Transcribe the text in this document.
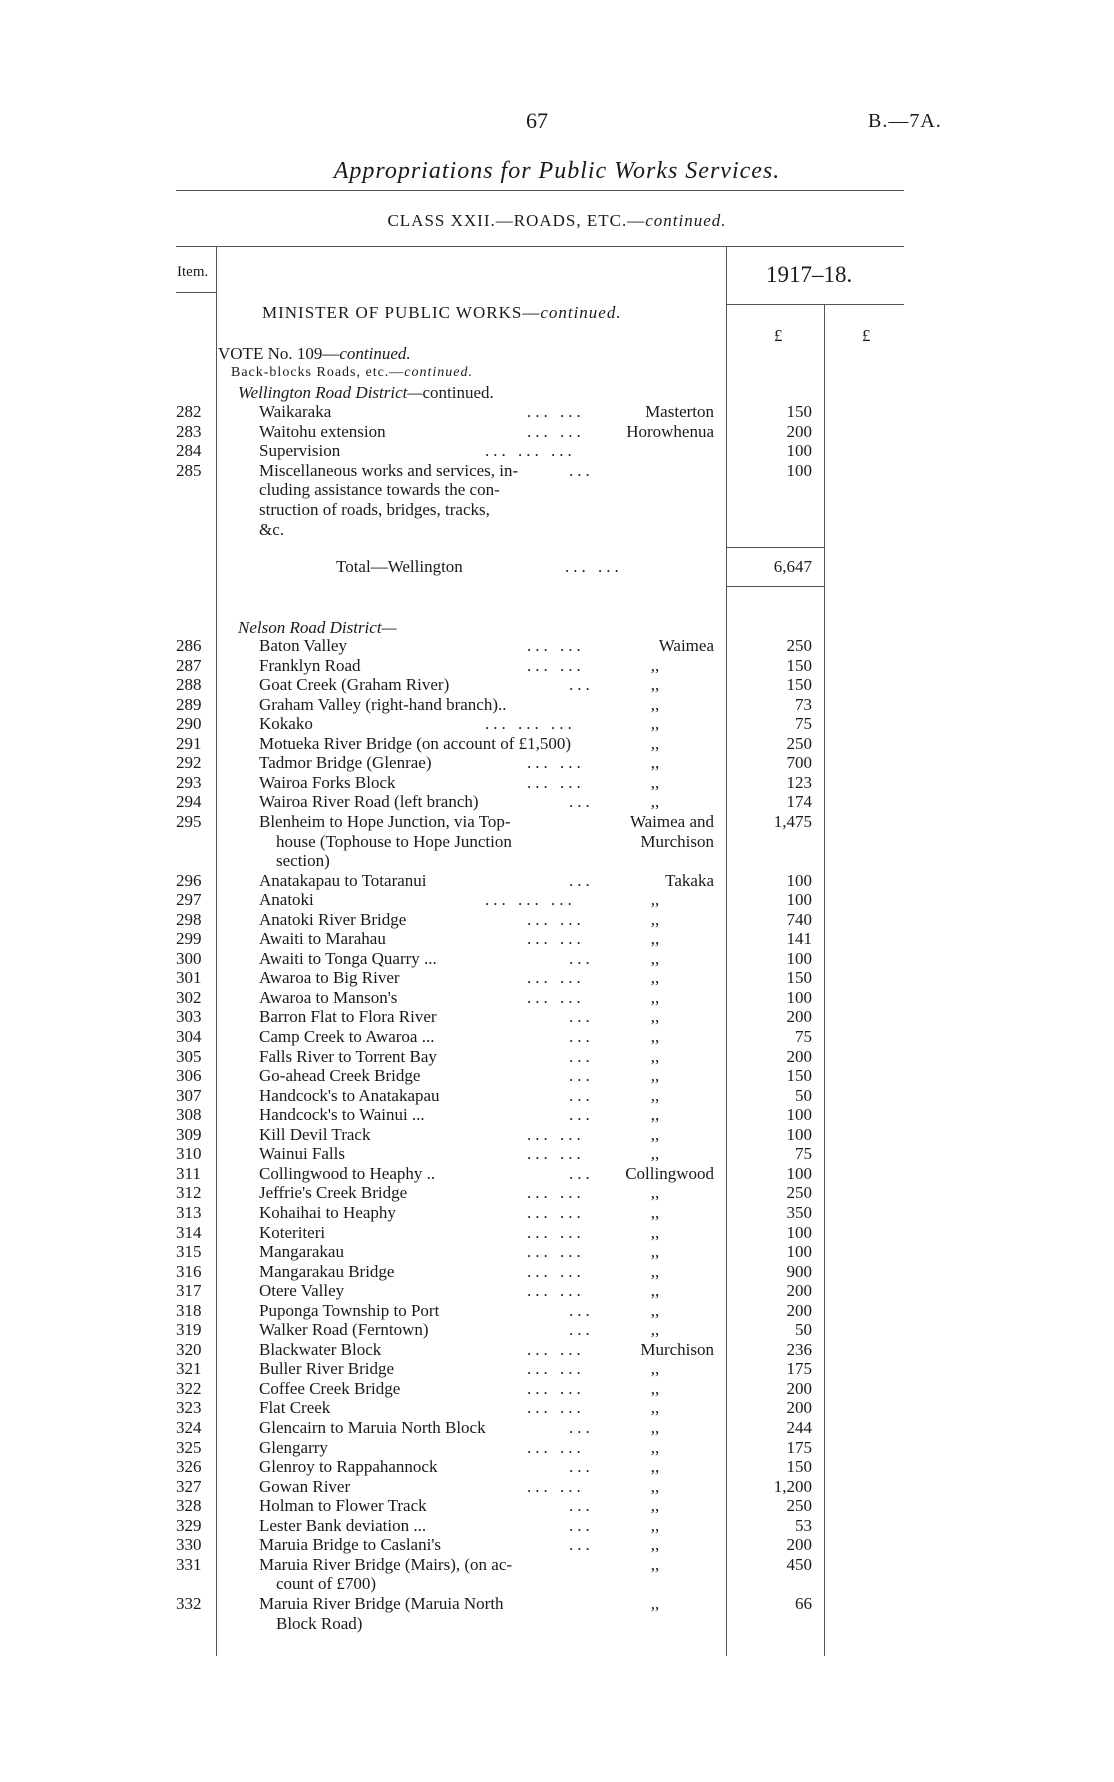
67	B.—7A.
Appropriations for Public Works Services.
CLASS XXII.—ROADS, ETC.—continued.
Item.	1917–18.
£	£
MINISTER OF PUBLIC WORKS—continued.
VOTE No. 109—continued.
Back-blocks Roads, etc.—continued.
Wellington Road District—continued.
282	Waikaraka	... ...	Masterton	150
283	Waitohu extension	... ...	Horowhenua	200
284	Supervision	... ... ...	100
285	Miscellaneous works and services, in-	...	100
cluding assistance towards the con-
struction of roads, bridges, tracks,
&c.
Total—Wellington	... ...	6,647
Nelson Road District—
286	Baton Valley	... ...	Waimea	250
287	Franklyn Road	... ...	,,	150
288	Goat Creek (Graham River)	...	,,	150
289	Graham Valley (right-hand branch)..	,,	73
290	Kokako	... ... ...	,,	75
291	Motueka River Bridge (on account of £1,500)	,,	250
292	Tadmor Bridge (Glenrae)	... ...	,,	700
293	Wairoa Forks Block	... ...	,,	123
294	Wairoa River Road (left branch)	...	,,	174
295	Blenheim to Hope Junction, via Top-	Waimea and	1,475
house (Tophouse to Hope Junction	Murchison
section)
296	Anatakapau to Totaranui	...	Takaka	100
297	Anatoki	... ... ...	,,	100
298	Anatoki River Bridge	... ...	,,	740
299	Awaiti to Marahau	... ...	,,	141
300	Awaiti to Tonga Quarry ...	...	,,	100
301	Awaroa to Big River	... ...	,,	150
302	Awaroa to Manson's	... ...	,,	100
303	Barron Flat to Flora River	...	,,	200
304	Camp Creek to Awaroa ...	...	,,	75
305	Falls River to Torrent Bay	...	,,	200
306	Go-ahead Creek Bridge	...	,,	150
307	Handcock's to Anatakapau	...	,,	50
308	Handcock's to Wainui ...	...	,,	100
309	Kill Devil Track	... ...	,,	100
310	Wainui Falls	... ...	,,	75
311	Collingwood to Heaphy ..	...	Collingwood	100
312	Jeffrie's Creek Bridge	... ...	,,	250
313	Kohaihai to Heaphy	... ...	,,	350
314	Koteriteri	... ...	,,	100
315	Mangarakau	... ...	,,	100
316	Mangarakau Bridge	... ...	,,	900
317	Otere Valley	... ...	,,	200
318	Puponga Township to Port	...	,,	200
319	Walker Road (Ferntown)	...	,,	50
320	Blackwater Block	... ...	Murchison	236
321	Buller River Bridge	... ...	,,	175
322	Coffee Creek Bridge	... ...	,,	200
323	Flat Creek	... ...	,,	200
324	Glencairn to Maruia North Block	...	,,	244
325	Glengarry	... ...	,,	175
326	Glenroy to Rappahannock	...	,,	150
327	Gowan River	... ...	,,	1,200
328	Holman to Flower Track	...	,,	250
329	Lester Bank deviation ...	...	,,	53
330	Maruia Bridge to Caslani's	...	,,	200
331	Maruia River Bridge (Mairs), (on ac-	,,	450
count of £700)
332	Maruia River Bridge (Maruia North	,,	66
Block Road)
